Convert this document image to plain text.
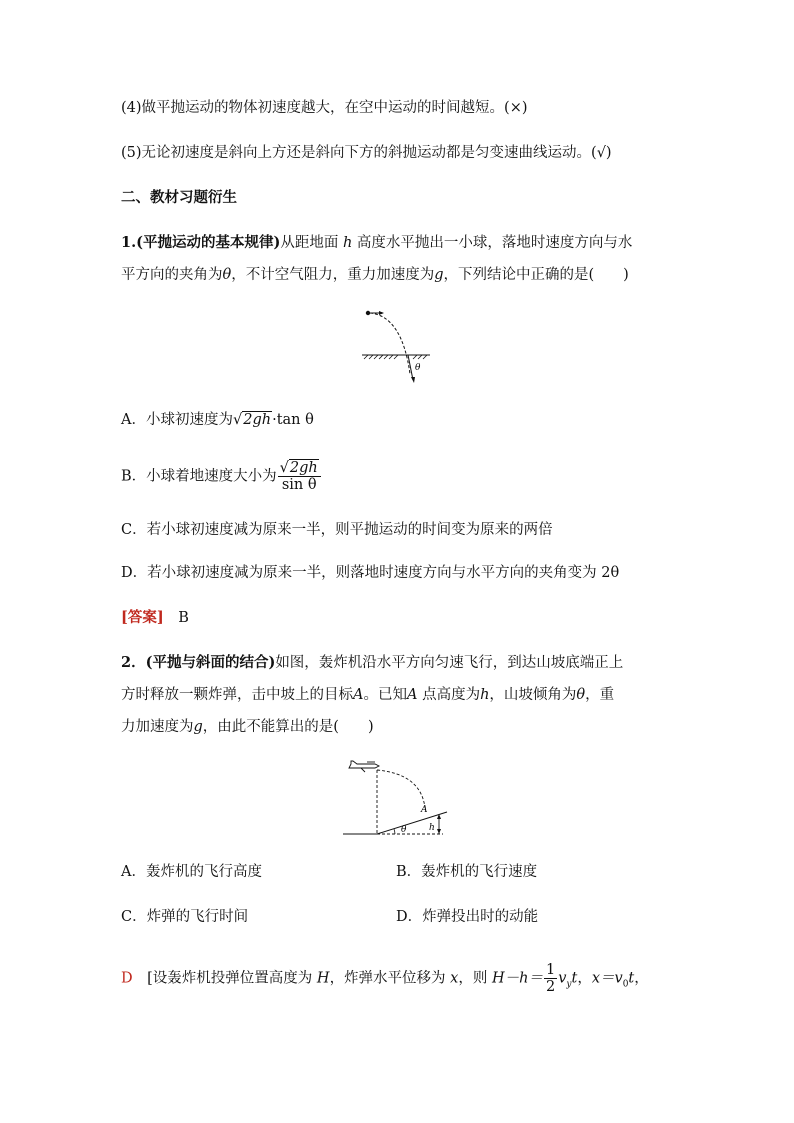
(4)做平抛运动的物体初速度越大，在空中运动的时间越短。(×)
(5)无论初速度是斜向上方还是斜向下方的斜抛运动都是匀变速曲线运动。(√)
二、教材习题衍生
1.(平抛运动的基本规律)从距地面 h 高度水平抛出一小球，落地时速度方向与水
平方向的夹角为θ，不计空气阻力，重力加速度为g，下列结论中正确的是(　　)
θ
A．小球初速度为√2gh·tan θ
B．小球着地速度大小为 $\frac{√2gh}{\text{sin θ}}$
C．若小球初速度减为原来一半，则平抛运动的时间变为原来的两倍
D．若小球初速度减为原来一半，则落地时速度方向与水平方向的夹角变为 2θ
[答案]　 B
2．(平抛与斜面的结合)如图，轰炸机沿水平方向匀速飞行，到达山坡底端正上
方时释放一颗炸弹，击中坡上的目标A。已知A 点高度为h，山坡倾角为θ，重
力加速度为g，由此不能算出的是(　　)
A
h
θ
A．轰炸机的飞行高度	B．轰炸机的飞行速度
C．炸弹的飞行时间	D．炸弹投出时的动能
D　 [设轰炸机投弹位置高度为 H，炸弹水平位移为 x，则 $H-h= \frac{1}{2} v_yt$，$x=v_0t$，
